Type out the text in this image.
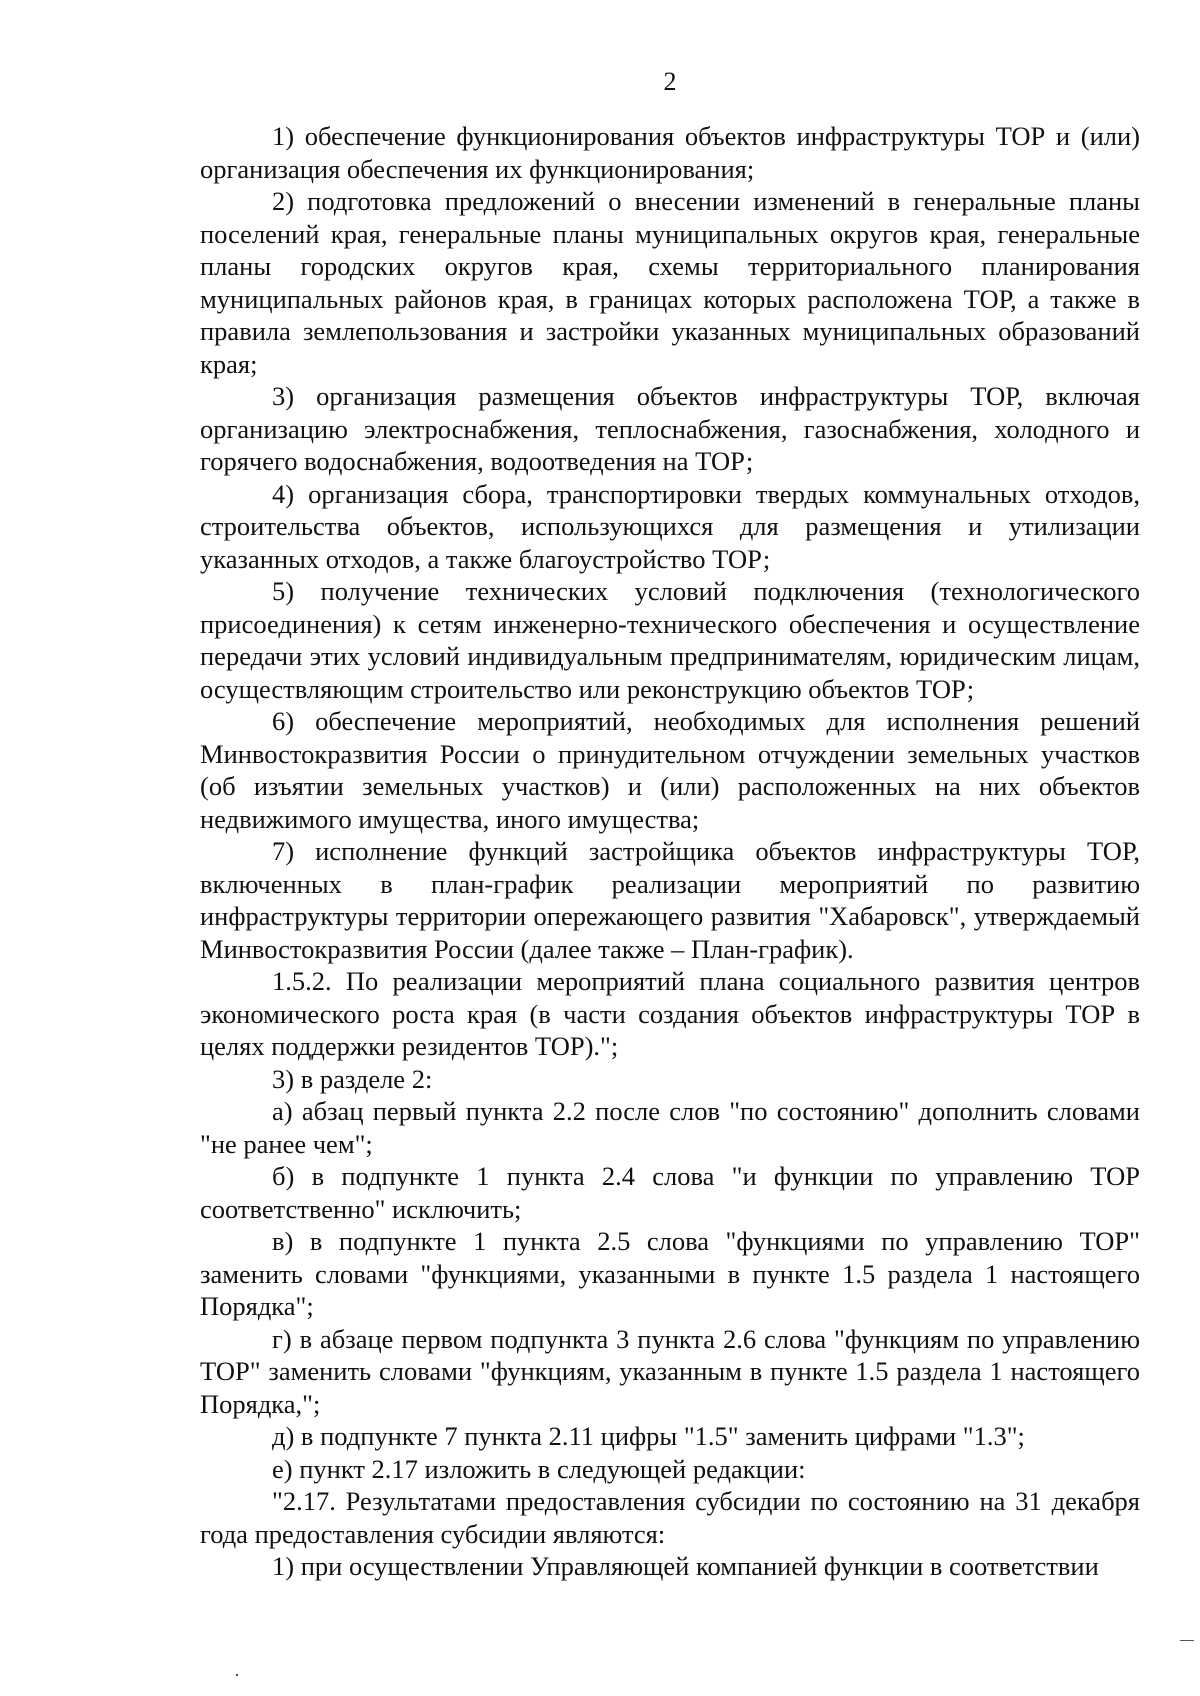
2

1) обеспечение функционирования объектов инфраструктуры ТОР и (или) организация обеспечения их функционирования;

2) подготовка предложений о внесении изменений в генеральные планы поселений края, генеральные планы муниципальных округов края, генеральные планы городских округов края, схемы территориального планирования муниципальных районов края, в границах которых расположена ТОР, а также в правила землепользования и застройки указанных муниципальных образований края;

3) организация размещения объектов инфраструктуры ТОР, включая организацию электроснабжения, теплоснабжения, газоснабжения, холодного и горячего водоснабжения, водоотведения на ТОР;

4) организация сбора, транспортировки твердых коммунальных отходов, строительства объектов, использующихся для размещения и утилизации указанных отходов, а также благоустройство ТОР;

5) получение технических условий подключения (технологического присоединения) к сетям инженерно-технического обеспечения и осуществление передачи этих условий индивидуальным предпринимателям, юридическим лицам, осуществляющим строительство или реконструкцию объектов ТОР;

6) обеспечение мероприятий, необходимых для исполнения решений Минвостокразвития России о принудительном отчуждении земельных участков (об изъятии земельных участков) и (или) расположенных на них объектов недвижимого имущества, иного имущества;

7) исполнение функций застройщика объектов инфраструктуры ТОР, включенных в план-график реализации мероприятий по развитию инфраструктуры территории опережающего развития "Хабаровск", утверждаемый Минвостокразвития России (далее также – План-график).

1.5.2. По реализации мероприятий плана социального развития центров экономического роста края (в части создания объектов инфраструктуры ТОР в целях поддержки резидентов ТОР).";

3) в разделе 2:

а) абзац первый пункта 2.2 после слов "по состоянию" дополнить словами "не ранее чем";

б) в подпункте 1 пункта 2.4 слова "и функции по управлению ТОР соответственно" исключить;

в) в подпункте 1 пункта 2.5 слова "функциями по управлению ТОР" заменить словами "функциями, указанными в пункте 1.5 раздела 1 настоящего Порядка";

г) в абзаце первом подпункта 3 пункта 2.6 слова "функциям по управлению ТОР" заменить словами "функциям, указанным в пункте 1.5 раздела 1 настоящего Порядка,";

д) в подпункте 7 пункта 2.11 цифры "1.5" заменить цифрами "1.3";

е) пункт 2.17 изложить в следующей редакции:

"2.17. Результатами предоставления субсидии по состоянию на 31 декабря года предоставления субсидии являются:

1) при осуществлении Управляющей компанией функции в соответствии
